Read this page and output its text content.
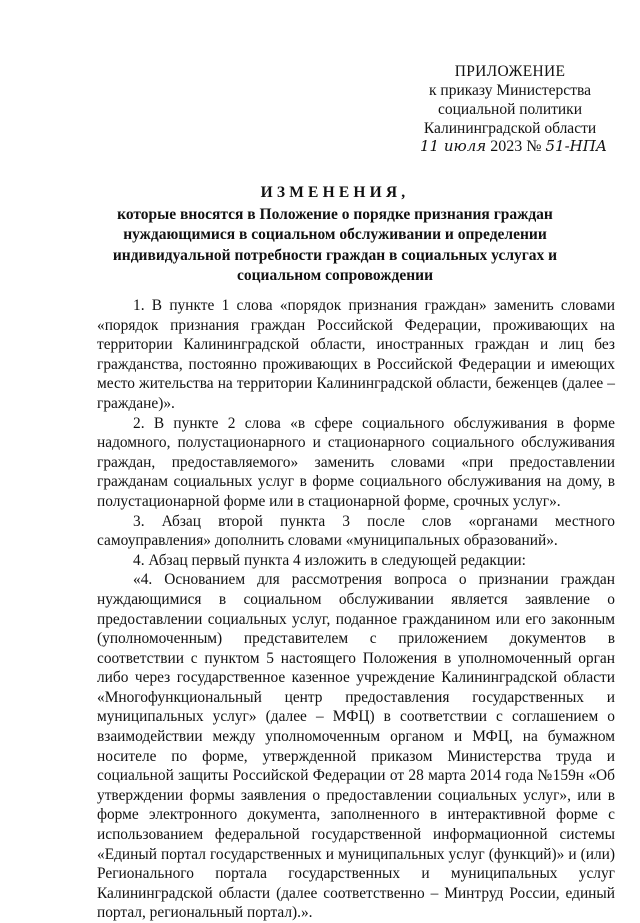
ПРИЛОЖЕНИЕ
к приказу Министерства
социальной политики
Калининградской области
11 июля 2023 № 51-НПА
ИЗМЕНЕНИЯ,
которые вносятся в Положение о порядке признания граждан нуждающимися в социальном обслуживании и определении индивидуальной потребности граждан в социальных услугах и социальном сопровождении

1. В пункте 1 слова «порядок признания граждан» заменить словами «порядок признания граждан Российской Федерации, проживающих на территории Калининградской области, иностранных граждан и лиц без гражданства, постоянно проживающих в Российской Федерации и имеющих место жительства на территории Калининградской области, беженцев (далее – граждане)».

2. В пункте 2 слова «в сфере социального обслуживания в форме надомного, полустационарного и стационарного социального обслуживания граждан, предоставляемого» заменить словами «при предоставлении гражданам социальных услуг в форме социального обслуживания на дому, в полустационарной форме или в стационарной форме, срочных услуг».

3. Абзац второй пункта 3 после слов «органами местного самоуправления» дополнить словами «муниципальных образований».

4. Абзац первый пункта 4 изложить в следующей редакции:

«4. Основанием для рассмотрения вопроса о признании граждан нуждающимися в социальном обслуживании является заявление о предоставлении социальных услуг, поданное гражданином или его законным (уполномоченным) представителем с приложением документов в соответствии с пунктом 5 настоящего Положения в уполномоченный орган либо через государственное казенное учреждение Калининградской области «Многофункциональный центр предоставления государственных и муниципальных услуг» (далее – МФЦ) в соответствии с соглашением о взаимодействии между уполномоченным органом и МФЦ, на бумажном носителе по форме, утвержденной приказом Министерства труда и социальной защиты Российской Федерации от 28 марта 2014 года №159н «Об утверждении формы заявления о предоставлении социальных услуг», или в форме электронного документа, заполненного в интерактивной форме с использованием федеральной государственной информационной системы «Единый портал государственных и муниципальных услуг (функций)» и (или) Регионального портала государственных и муниципальных услуг Калининградской области (далее соответственно – Минтруд России, единый портал, региональный портал).».
